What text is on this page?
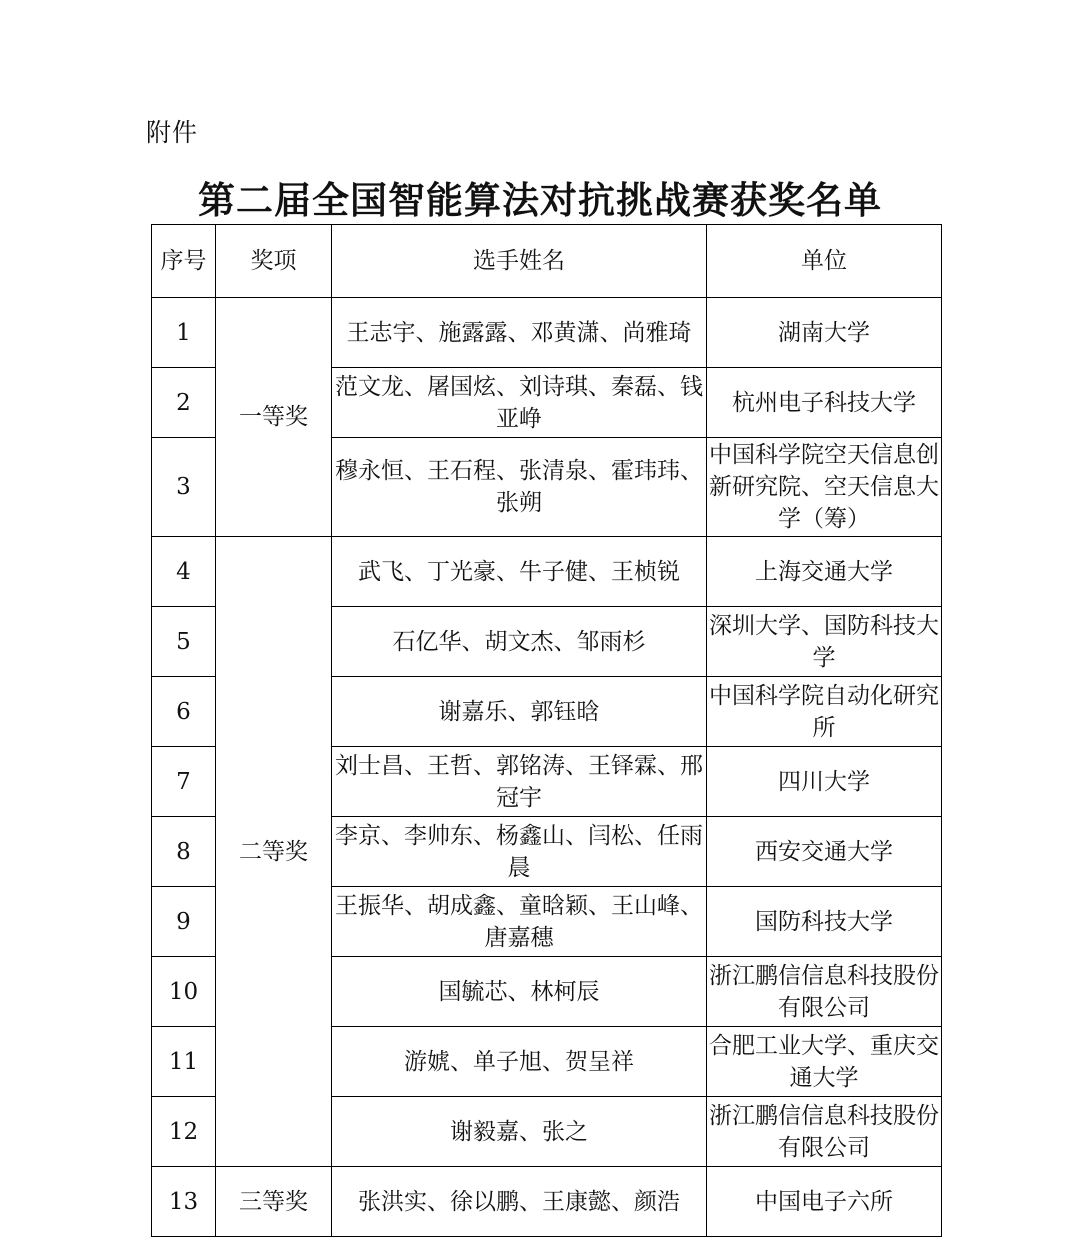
附件
第二届全国智能算法对抗挑战赛获奖名单
序号	奖项	选手姓名	单位
1	一等奖	王志宇、施露露、邓黄潇、尚雅琦	湖南大学
2		范文龙、屠国炫、刘诗琪、秦磊、钱亚峥	杭州电子科技大学
3		穆永恒、王石程、张清泉、霍玮玮、张朔	中国科学院空天信息创新研究院、空天信息大学（筹）
4	二等奖	武飞、丁光豪、牛子健、王桢锐	上海交通大学
5		石亿华、胡文杰、邹雨杉	深圳大学、国防科技大学
6		谢嘉乐、郭钰晗	中国科学院自动化研究所
7		刘士昌、王哲、郭铭涛、王铎霖、邢冠宇	四川大学
8		李京、李帅东、杨鑫山、闫松、任雨晨	西安交通大学
9		王振华、胡成鑫、童晗颖、王山峰、唐嘉穗	国防科技大学
10		国毓芯、林柯辰	浙江鹏信信息科技股份有限公司
11		游婋、单子旭、贺呈祥	合肥工业大学、重庆交通大学
12		谢毅嘉、张之	浙江鹏信信息科技股份有限公司
13	三等奖	张洪实、徐以鹏、王康懿、颜浩	中国电子六所
